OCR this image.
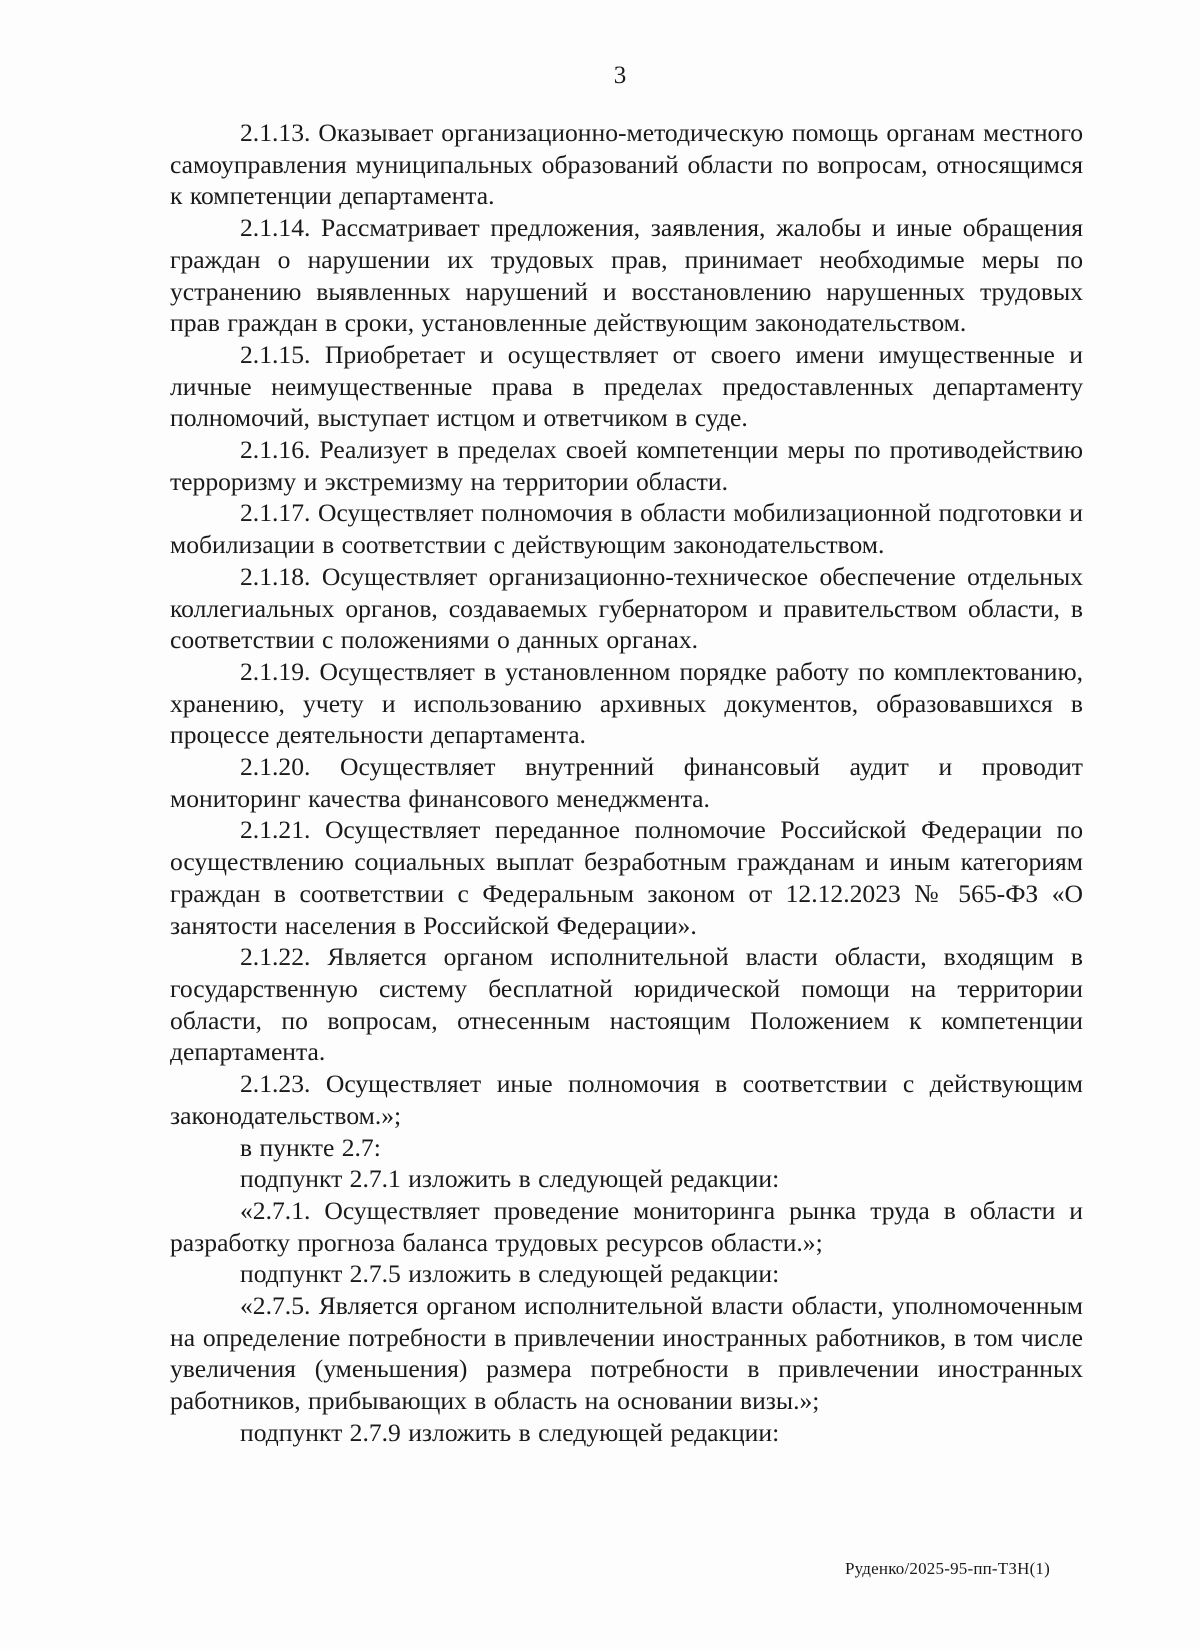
3

2.1.13. Оказывает организационно-методическую помощь органам местного самоуправления муниципальных образований области по вопросам, относящимся к компетенции департамента.

2.1.14. Рассматривает предложения, заявления, жалобы и иные обращения граждан о нарушении их трудовых прав, принимает необходимые меры по устранению выявленных нарушений и восстановлению нарушенных трудовых прав граждан в сроки, установленные действующим законодательством.

2.1.15. Приобретает и осуществляет от своего имени имущественные и личные неимущественные права в пределах предоставленных департаменту полномочий, выступает истцом и ответчиком в суде.

2.1.16. Реализует в пределах своей компетенции меры по противодействию терроризму и экстремизму на территории области.

2.1.17. Осуществляет полномочия в области мобилизационной подготовки и мобилизации в соответствии с действующим законодательством.

2.1.18. Осуществляет организационно-техническое обеспечение отдельных коллегиальных органов, создаваемых губернатором и правительством области, в соответствии с положениями о данных органах.

2.1.19. Осуществляет в установленном порядке работу по комплектованию, хранению, учету и использованию архивных документов, образовавшихся в процессе деятельности департамента.

2.1.20. Осуществляет внутренний финансовый аудит и проводит мониторинг качества финансового менеджмента.

2.1.21. Осуществляет переданное полномочие Российской Федерации по осуществлению социальных выплат безработным гражданам и иным категориям граждан в соответствии с Федеральным законом от 12.12.2023 № 565-ФЗ «О занятости населения в Российской Федерации».

2.1.22. Является органом исполнительной власти области, входящим в государственную систему бесплатной юридической помощи на территории области, по вопросам, отнесенным настоящим Положением к компетенции департамента.

2.1.23. Осуществляет иные полномочия в соответствии с действующим законодательством.»;

в пункте 2.7:

подпункт 2.7.1 изложить в следующей редакции:

«2.7.1. Осуществляет проведение мониторинга рынка труда в области и разработку прогноза баланса трудовых ресурсов области.»;

подпункт 2.7.5 изложить в следующей редакции:

«2.7.5. Является органом исполнительной власти области, уполномоченным на определение потребности в привлечении иностранных работников, в том числе увеличения (уменьшения) размера потребности в привлечении иностранных работников, прибывающих в область на основании визы.»;

подпункт 2.7.9 изложить в следующей редакции:

Руденко/2025-95-пп-ТЗН(1)
